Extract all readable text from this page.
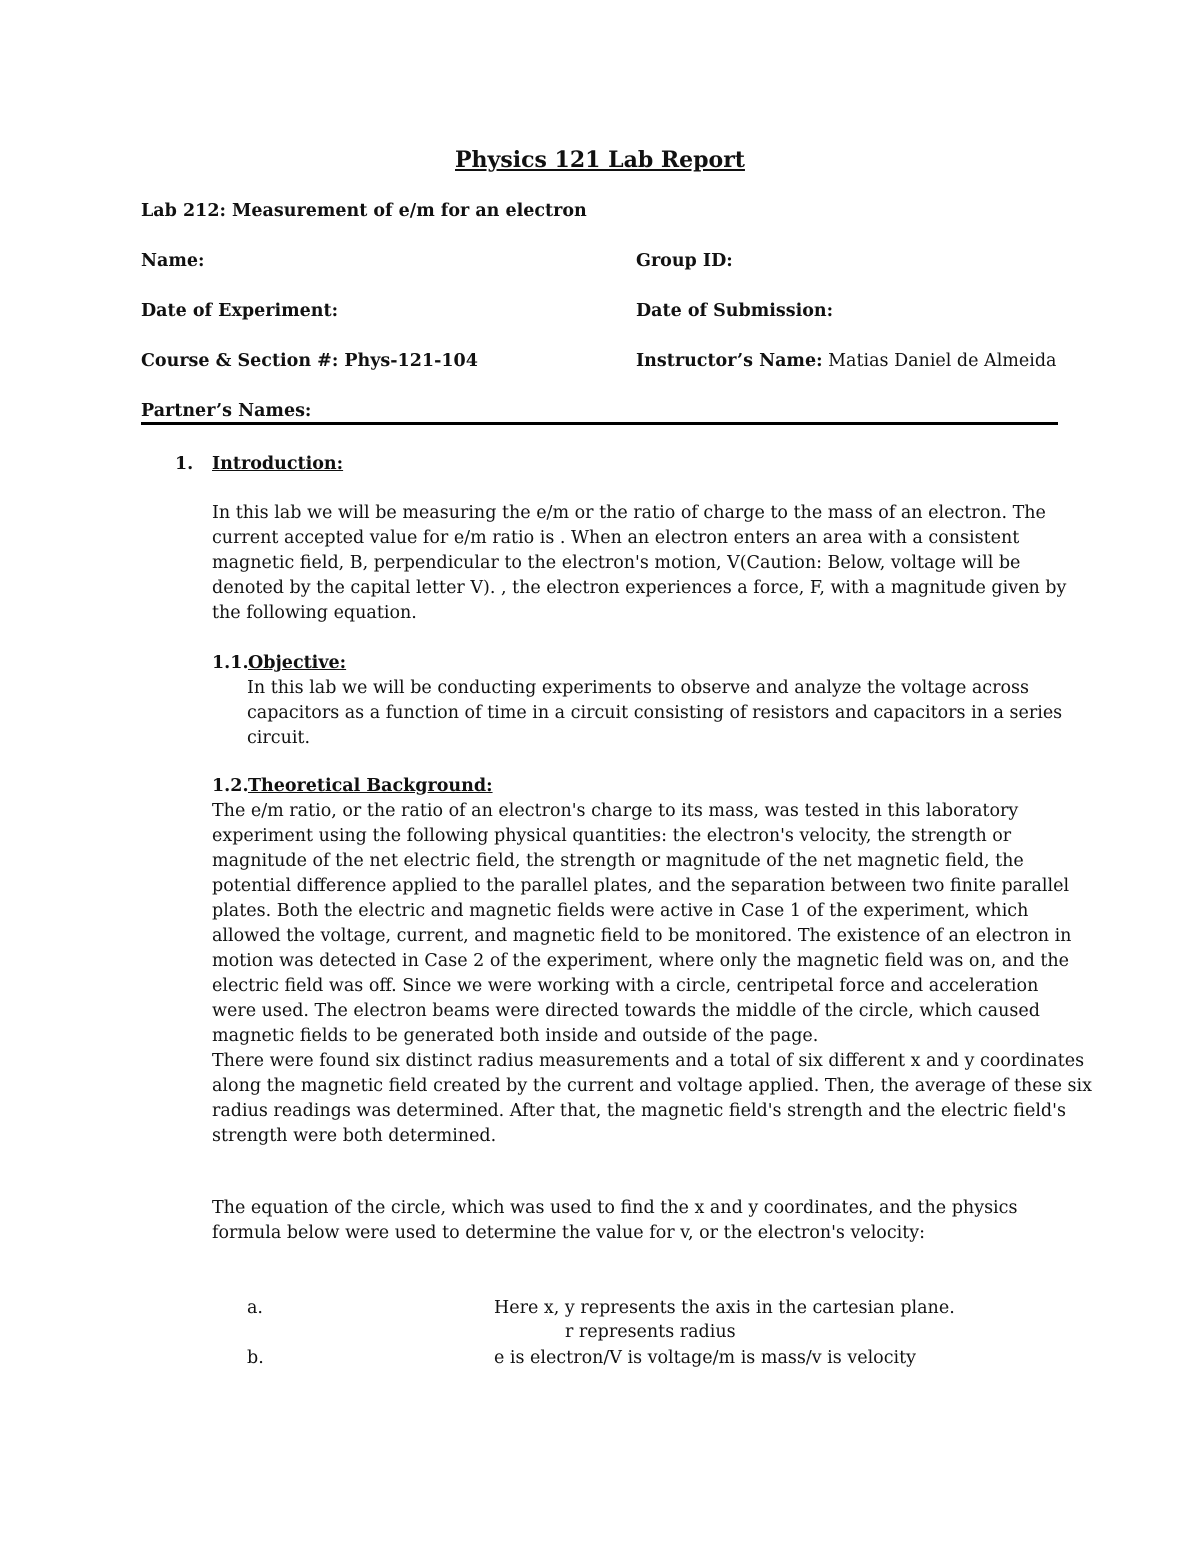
Physics 121 Lab Report
Lab 212: Measurement of e/m for an electron
Name:	Group ID:
Date of Experiment:	Date of Submission:
Course & Section #: Phys-121-104	Instructor’s Name: Matias Daniel de Almeida
Partner’s Names:
1. Introduction:
In this lab we will be measuring the e/m or the ratio of charge to the mass of an electron. The
current accepted value for e/m ratio is . When an electron enters an area with a consistent
magnetic field, B, perpendicular to the electron's motion, V(Caution: Below, voltage will be
denoted by the capital letter V). , the electron experiences a force, F, with a magnitude given by
the following equation.
1.1. Objective:
In this lab we will be conducting experiments to observe and analyze the voltage across
capacitors as a function of time in a circuit consisting of resistors and capacitors in a series
circuit.
1.2. Theoretical Background:
The e/m ratio, or the ratio of an electron's charge to its mass, was tested in this laboratory
experiment using the following physical quantities: the electron's velocity, the strength or
magnitude of the net electric field, the strength or magnitude of the net magnetic field, the
potential difference applied to the parallel plates, and the separation between two finite parallel
plates. Both the electric and magnetic fields were active in Case 1 of the experiment, which
allowed the voltage, current, and magnetic field to be monitored. The existence of an electron in
motion was detected in Case 2 of the experiment, where only the magnetic field was on, and the
electric field was off. Since we were working with a circle, centripetal force and acceleration
were used. The electron beams were directed towards the middle of the circle, which caused
magnetic fields to be generated both inside and outside of the page.
There were found six distinct radius measurements and a total of six different x and y coordinates
along the magnetic field created by the current and voltage applied. Then, the average of these six
radius readings was determined. After that, the magnetic field's strength and the electric field's
strength were both determined.
The equation of the circle, which was used to find the x and y coordinates, and the physics
formula below were used to determine the value for v, or the electron's velocity:
a.	Here x, y represents the axis in the cartesian plane.
r represents radius
b.	e is electron/V is voltage/m is mass/v is velocity
